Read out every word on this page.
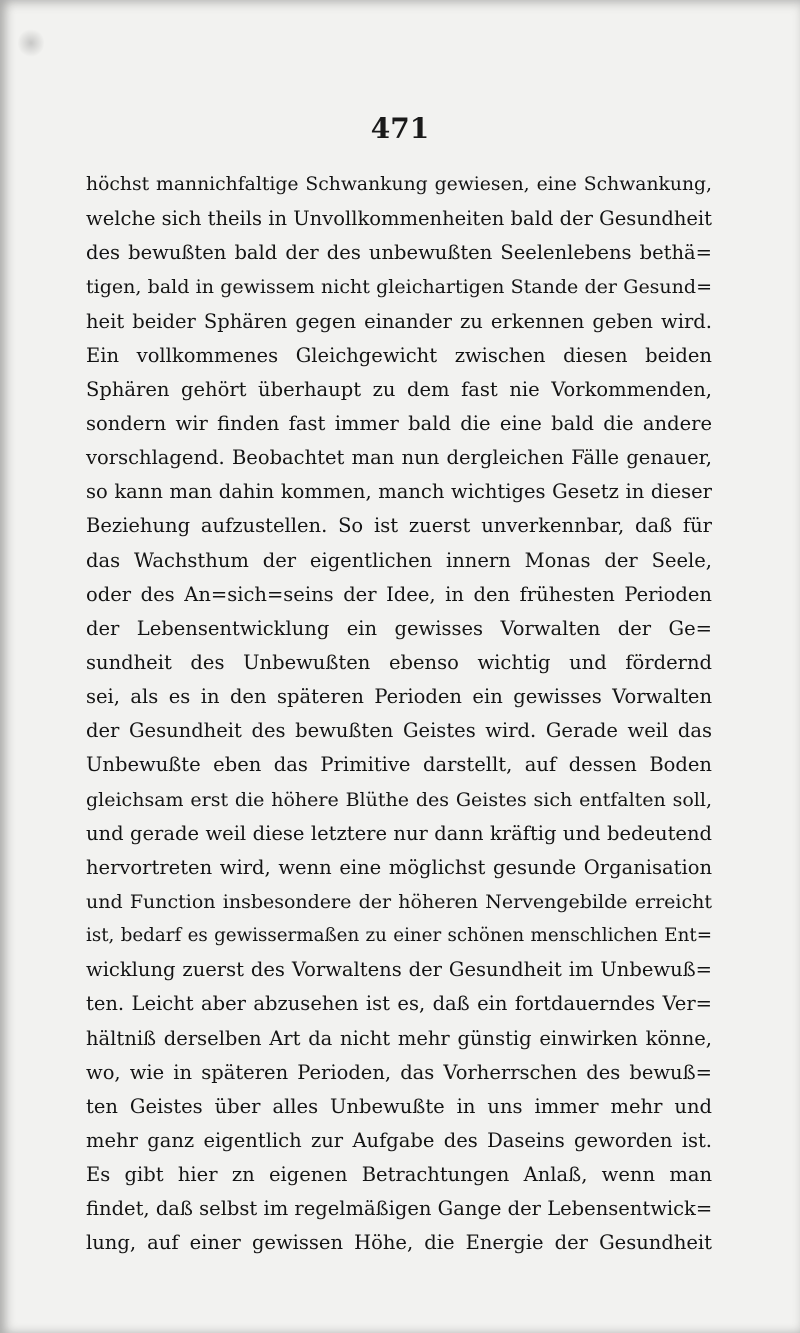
471
höchst mannichfaltige Schwankung gewiesen, eine Schwankung,
welche sich theils in Unvollkommenheiten bald der Gesundheit
des bewußten bald der des unbewußten Seelenlebens bethä=
tigen, bald in gewissem nicht gleichartigen Stande der Gesund=
heit beider Sphären gegen einander zu erkennen geben wird.
Ein vollkommenes Gleichgewicht zwischen diesen beiden
Sphären gehört überhaupt zu dem fast nie Vorkommenden,
sondern wir finden fast immer bald die eine bald die andere
vorschlagend. Beobachtet man nun dergleichen Fälle genauer,
so kann man dahin kommen, manch wichtiges Gesetz in dieser
Beziehung aufzustellen. So ist zuerst unverkennbar, daß für
das Wachsthum der eigentlichen innern Monas der Seele,
oder des An=sich=seins der Idee, in den frühesten Perioden
der Lebensentwicklung ein gewisses Vorwalten der Ge=
sundheit des Unbewußten ebenso wichtig und fördernd
sei, als es in den späteren Perioden ein gewisses Vorwalten
der Gesundheit des bewußten Geistes wird. Gerade weil das
Unbewußte eben das Primitive darstellt, auf dessen Boden
gleichsam erst die höhere Blüthe des Geistes sich entfalten soll,
und gerade weil diese letztere nur dann kräftig und bedeutend
hervortreten wird, wenn eine möglichst gesunde Organisation
und Function insbesondere der höheren Nervengebilde erreicht
ist, bedarf es gewissermaßen zu einer schönen menschlichen Ent=
wicklung zuerst des Vorwaltens der Gesundheit im Unbewuß=
ten. Leicht aber abzusehen ist es, daß ein fortdauerndes Ver=
hältniß derselben Art da nicht mehr günstig einwirken könne,
wo, wie in späteren Perioden, das Vorherrschen des bewuß=
ten Geistes über alles Unbewußte in uns immer mehr und
mehr ganz eigentlich zur Aufgabe des Daseins geworden ist.
Es gibt hier zn eigenen Betrachtungen Anlaß, wenn man
findet, daß selbst im regelmäßigen Gange der Lebensentwick=
lung, auf einer gewissen Höhe, die Energie der Gesundheit
